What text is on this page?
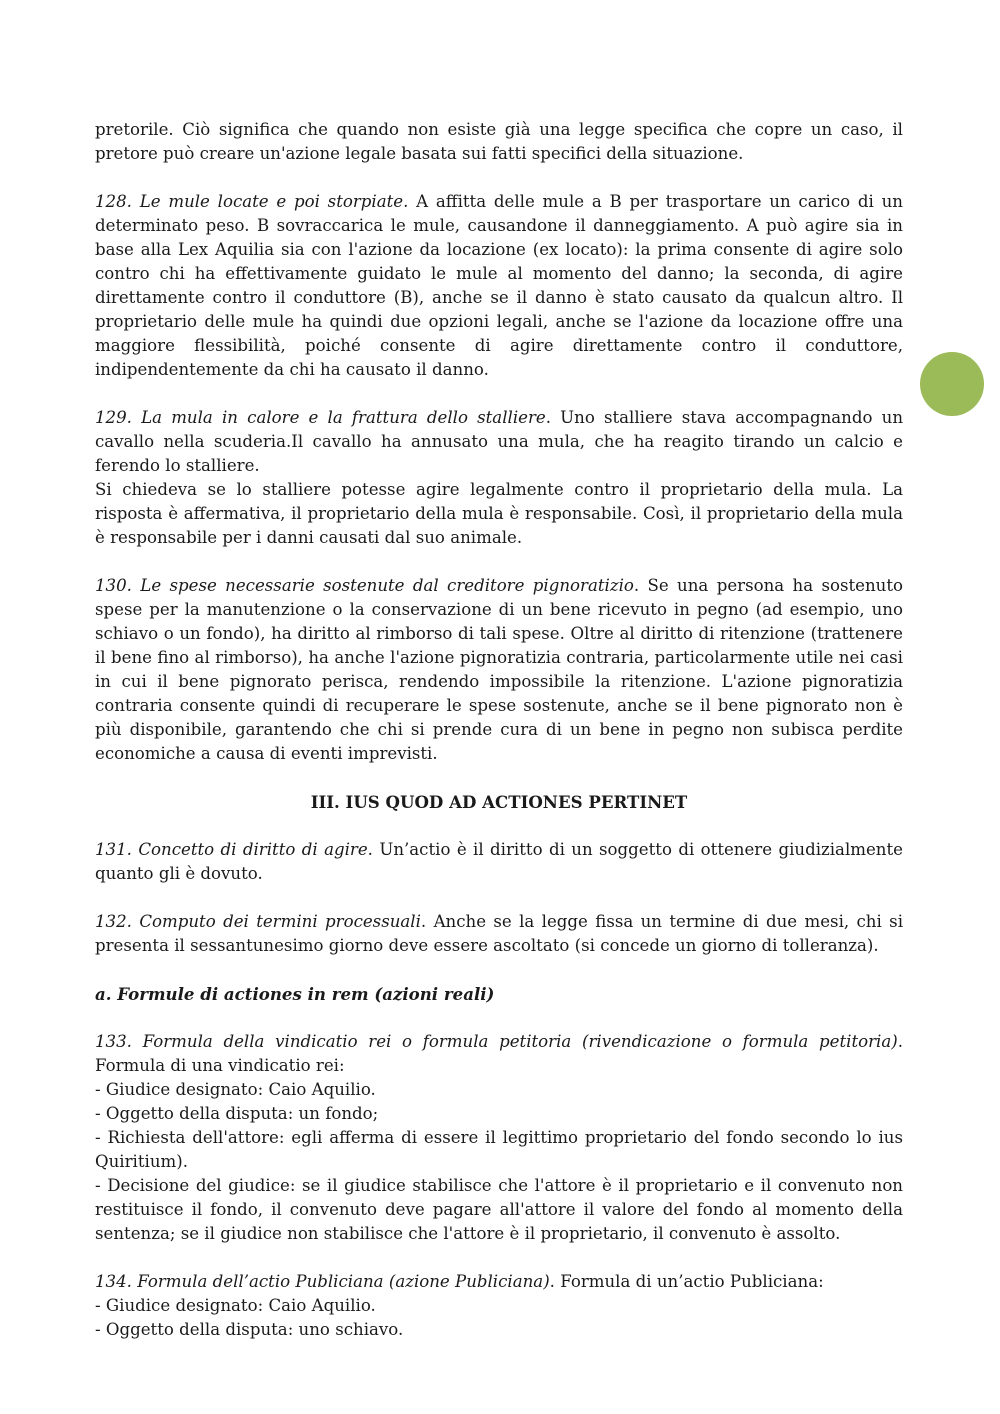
pretorile. Ciò significa che quando non esiste già una legge specifica che copre un caso, il pretore può creare un'azione legale basata sui fatti specifici della situazione.

128. Le mule locate e poi storpiate. A affitta delle mule a B per trasportare un carico di un determinato peso. B sovraccarica le mule, causandone il danneggiamento. A può agire sia in base alla Lex Aquilia sia con l'azione da locazione (ex locato): la prima consente di agire solo contro chi ha effettivamente guidato le mule al momento del danno; la seconda, di agire direttamente contro il conduttore (B), anche se il danno è stato causato da qualcun altro. Il proprietario delle mule ha quindi due opzioni legali, anche se l'azione da locazione offre una maggiore flessibilità, poiché consente di agire direttamente contro il conduttore, indipendentemente da chi ha causato il danno.

129. La mula in calore e la frattura dello stalliere. Uno stalliere stava accompagnando un cavallo nella scuderia.Il cavallo ha annusato una mula, che ha reagito tirando un calcio e ferendo lo stalliere.
Si chiedeva se lo stalliere potesse agire legalmente contro il proprietario della mula. La risposta è affermativa, il proprietario della mula è responsabile. Così, il proprietario della mula è responsabile per i danni causati dal suo animale.

130. Le spese necessarie sostenute dal creditore pignoratizio. Se una persona ha sostenuto spese per la manutenzione o la conservazione di un bene ricevuto in pegno (ad esempio, uno schiavo o un fondo), ha diritto al rimborso di tali spese. Oltre al diritto di ritenzione (trattenere il bene fino al rimborso), ha anche l'azione pignoratizia contraria, particolarmente utile nei casi in cui il bene pignorato perisca, rendendo impossibile la ritenzione. L'azione pignoratizia contraria consente quindi di recuperare le spese sostenute, anche se il bene pignorato non è più disponibile, garantendo che chi si prende cura di un bene in pegno non subisca perdite economiche a causa di eventi imprevisti.

III. IUS QUOD AD ACTIONES PERTINET

131. Concetto di diritto di agire. Un’actio è il diritto di un soggetto di ottenere giudizialmente quanto gli è dovuto.

132. Computo dei termini processuali. Anche se la legge fissa un termine di due mesi, chi si presenta il sessantunesimo giorno deve essere ascoltato (si concede un giorno di tolleranza).

a. Formule di actiones in rem (azioni reali)

133. Formula della vindicatio rei o formula petitoria (rivendicazione o formula petitoria). Formula di una vindicatio rei:
- Giudice designato: Caio Aquilio.
- Oggetto della disputa: un fondo;
- Richiesta dell'attore: egli afferma di essere il legittimo proprietario del fondo secondo lo ius Quiritium).
- Decisione del giudice: se il giudice stabilisce che l'attore è il proprietario e il convenuto non restituisce il fondo, il convenuto deve pagare all'attore il valore del fondo al momento della sentenza; se il giudice non stabilisce che l'attore è il proprietario, il convenuto è assolto.

134. Formula dell’actio Publiciana (azione Publiciana). Formula di un’actio Publiciana:
- Giudice designato: Caio Aquilio.
- Oggetto della disputa: uno schiavo.
